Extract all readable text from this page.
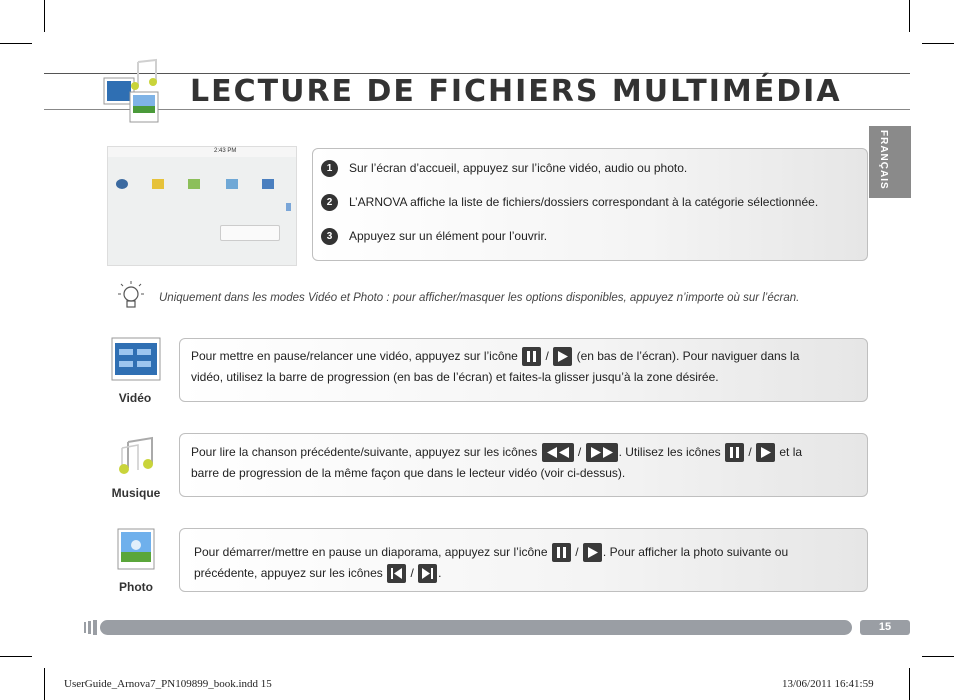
LECTURE DE FICHIERS MULTIMÉDIA
FRANÇAIS
2:43 PM
1	Sur l’écran d’accueil, appuyez sur l’icône vidéo, audio ou photo.
2	L’ARNOVA affiche la liste de fichiers/dossiers correspondant à la catégorie sélectionnée.
3	Appuyez sur un élément pour l’ouvrir.
Uniquement dans les modes Vidéo et Photo : pour afficher/masquer les options disponibles, appuyez n’importe où sur l’écran.
Vidéo
Pour mettre en pause/relancer une vidéo, appuyez sur l’icône / (en bas de l’écran). Pour naviguer dans la
vidéo, utilisez la barre de progression (en bas de l’écran) et faites-la glisser jusqu’à la zone désirée.
Musique
Pour lire la chanson précédente/suivante, appuyez sur les icônes	/	. Utilisez les icônes / et la
barre de progression de la même façon que dans le lecteur vidéo (voir ci-dessus).
Photo
Pour démarrer/mettre en pause un diaporama, appuyez sur l’icône / . Pour afficher la photo suivante ou
précédente, appuyez sur les icônes / .
15
UserGuide_Arnova7_PN109899_book.indd 15	13/06/2011 16:41:59
